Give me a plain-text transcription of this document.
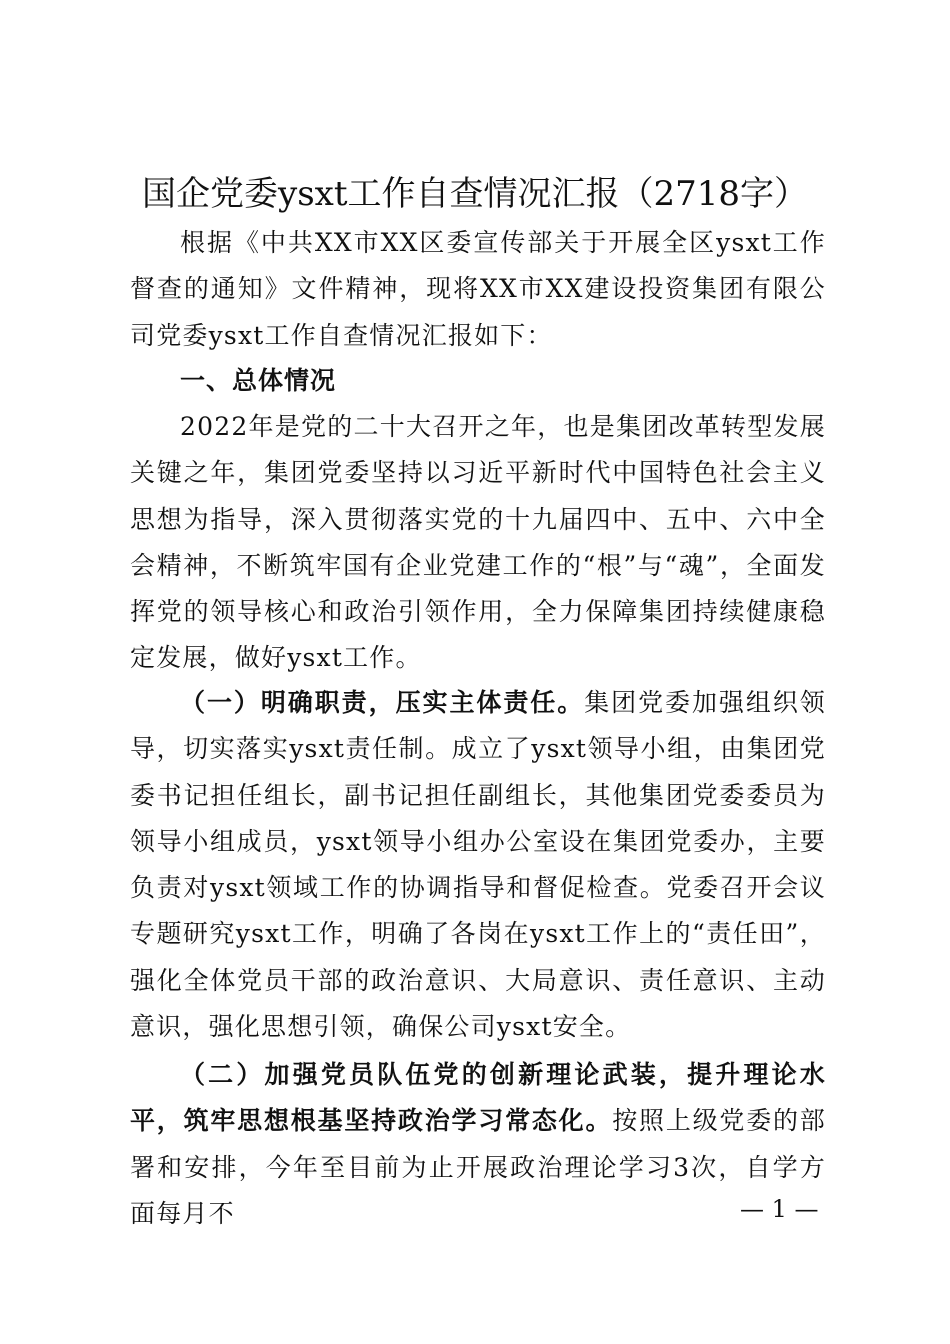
国企党委ysxt工作自查情况汇报（2718字）

根据《中共XX市XX区委宣传部关于开展全区ysxt工作督查的通知》文件精神，现将XX市XX建设投资集团有限公司党委ysxt工作自查情况汇报如下：

一、总体情况

2022年是党的二十大召开之年，也是集团改革转型发展关键之年，集团党委坚持以习近平新时代中国特色社会主义思想为指导，深入贯彻落实党的十九届四中、五中、六中全会精神，不断筑牢国有企业党建工作的“根”与“魂”，全面发挥党的领导核心和政治引领作用，全力保障集团持续健康稳定发展，做好ysxt工作。

（一）明确职责，压实主体责任。集团党委加强组织领导，切实落实ysxt责任制。成立了ysxt领导小组，由集团党委书记担任组长，副书记担任副组长，其他集团党委委员为领导小组成员，ysxt领导小组办公室设在集团党委办，主要负责对ysxt领域工作的协调指导和督促检查。党委召开会议专题研究ysxt工作，明确了各岗在ysxt工作上的“责任田”，强化全体党员干部的政治意识、大局意识、责任意识、主动意识，强化思想引领，确保公司ysxt安全。

（二）加强党员队伍党的创新理论武装，提升理论水平，筑牢思想根基坚持政治学习常态化。按照上级党委的部署和安排，今年至目前为止开展政治理论学习3次，自学方面每月不	— 1 —
